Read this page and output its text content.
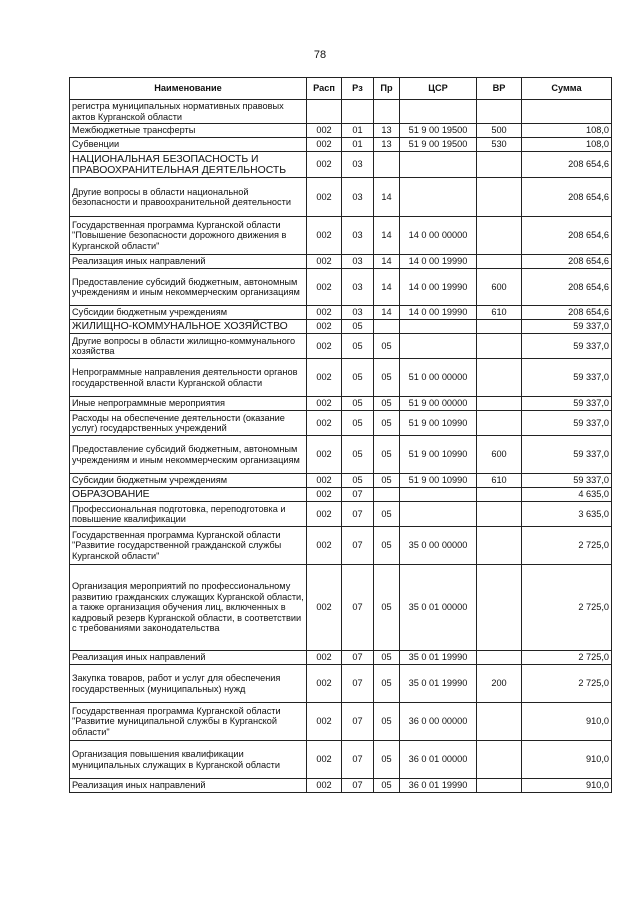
78
Наименование	Расп	Рз	Пр	ЦСР	ВР	Сумма
регистра муниципальных нормативных правовых актов Курганской области						
Межбюджетные трансферты	002	01	13	51 9 00 19500	500	108,0
Субвенции	002	01	13	51 9 00 19500	530	108,0
НАЦИОНАЛЬНАЯ БЕЗОПАСНОСТЬ И ПРАВООХРАНИТЕЛЬНАЯ ДЕЯТЕЛЬНОСТЬ	002	03				208 654,6
Другие вопросы в области национальной безопасности и правоохранительной деятельности	002	03	14			208 654,6
Государственная программа Курганской области "Повышение безопасности дорожного движения в Курганской области"	002	03	14	14 0 00 00000		208 654,6
Реализация иных направлений	002	03	14	14 0 00 19990		208 654,6
Предоставление субсидий бюджетным, автономным учреждениям и иным некоммерческим организациям	002	03	14	14 0 00 19990	600	208 654,6
Субсидии бюджетным учреждениям	002	03	14	14 0 00 19990	610	208 654,6
ЖИЛИЩНО-КОММУНАЛЬНОЕ ХОЗЯЙСТВО	002	05				59 337,0
Другие вопросы в области жилищно-коммунального хозяйства	002	05	05			59 337,0
Непрограммные направления деятельности органов государственной власти Курганской области	002	05	05	51 0 00 00000		59 337,0
Иные непрограммные мероприятия	002	05	05	51 9 00 00000		59 337,0
Расходы на обеспечение деятельности (оказание услуг) государственных учреждений	002	05	05	51 9 00 10990		59 337,0
Предоставление субсидий бюджетным, автономным учреждениям и иным некоммерческим организациям	002	05	05	51 9 00 10990	600	59 337,0
Субсидии бюджетным учреждениям	002	05	05	51 9 00 10990	610	59 337,0
ОБРАЗОВАНИЕ	002	07				4 635,0
Профессиональная подготовка, переподготовка и повышение квалификации	002	07	05			3 635,0
Государственная программа Курганской области "Развитие государственной гражданской службы Курганской области"	002	07	05	35 0 00 00000		2 725,0
Организация мероприятий по профессиональному развитию гражданских служащих Курганской области, а также организация обучения лиц, включенных в кадровый резерв Курганской области, в соответствии с требованиями законодательства	002	07	05	35 0 01 00000		2 725,0
Реализация иных направлений	002	07	05	35 0 01 19990		2 725,0
Закупка товаров, работ и услуг для обеспечения государственных (муниципальных) нужд	002	07	05	35 0 01 19990	200	2 725,0
Государственная программа Курганской области "Развитие муниципальной службы в Курганской области"	002	07	05	36 0 00 00000		910,0
Организация повышения квалификации муниципальных служащих в Курганской области	002	07	05	36 0 01 00000		910,0
Реализация иных направлений	002	07	05	36 0 01 19990		910,0
